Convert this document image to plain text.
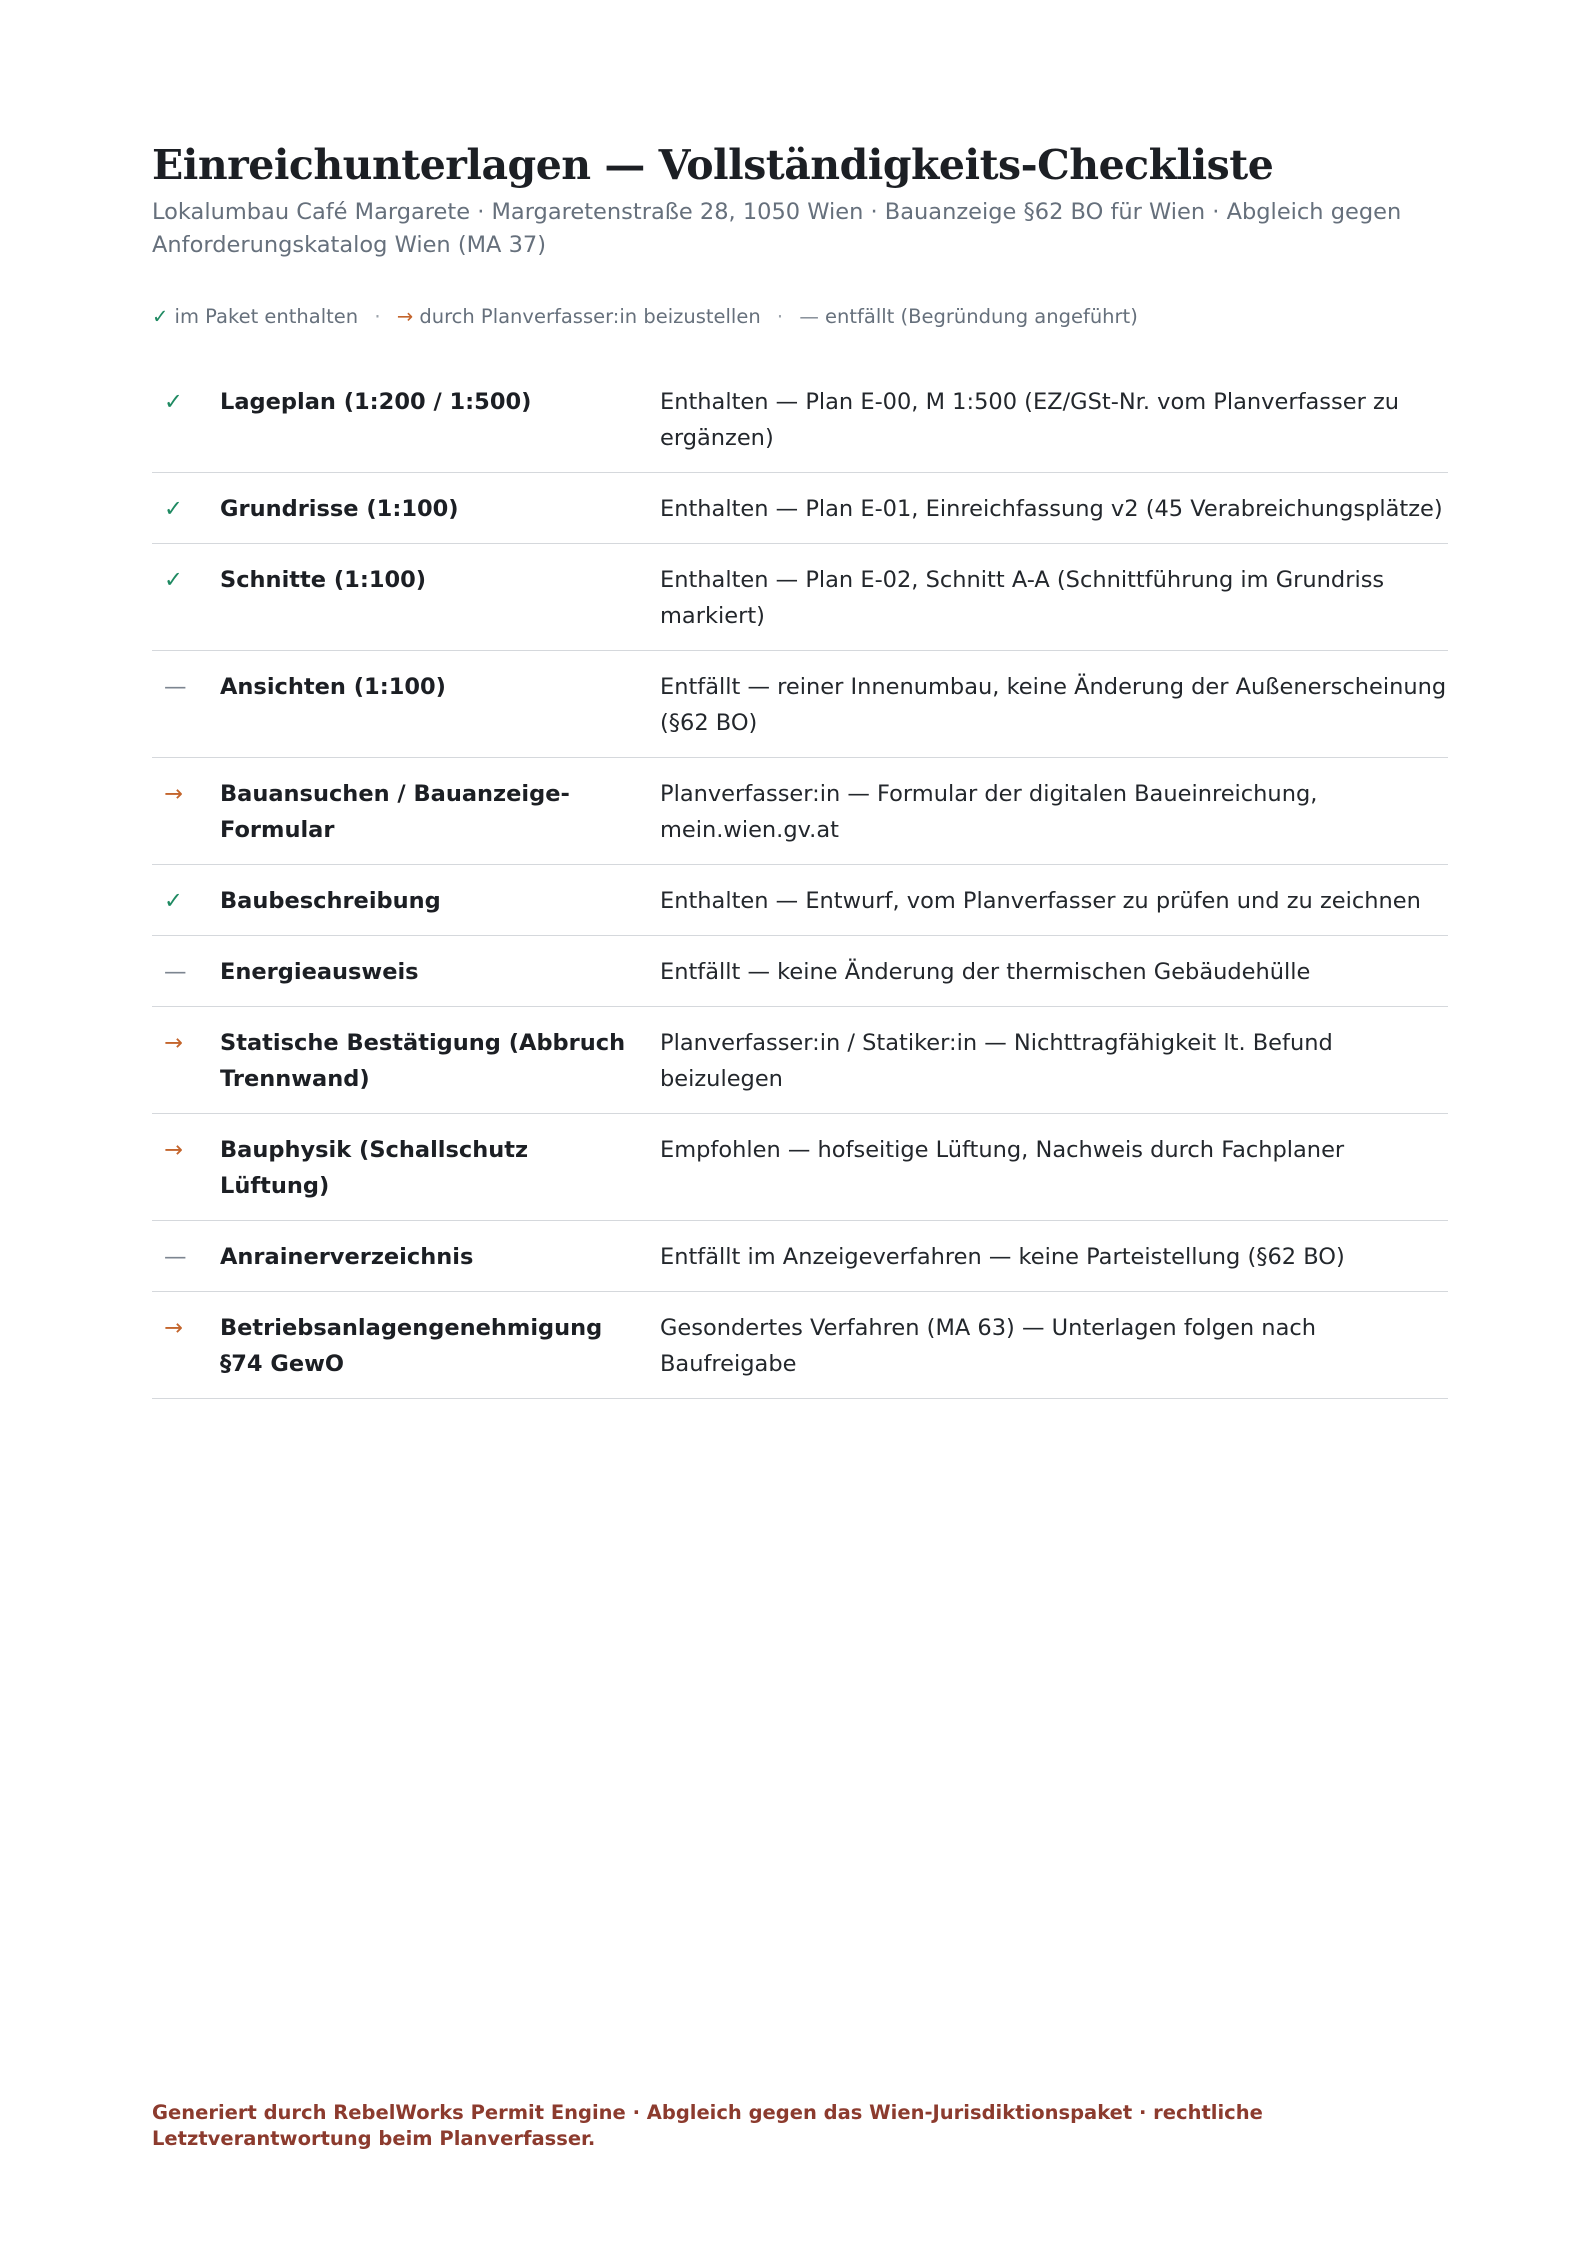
Einreichunterlagen — Vollständigkeits-Checkliste
Lokalumbau Café Margarete · Margaretenstraße 28, 1050 Wien · Bauanzeige §62 BO für Wien · Abgleich gegen Anforderungskatalog Wien (MA 37)
✓ im Paket enthalten · → durch Planverfasser:in beizustellen · — entfällt (Begründung angeführt)
✓	Lageplan (1:200 / 1:500)	Enthalten — Plan E-00, M 1:500 (EZ/GSt-Nr. vom Planverfasser zu ergänzen)
✓	Grundrisse (1:100)	Enthalten — Plan E-01, Einreichfassung v2 (45 Verabreichungsplätze)
✓	Schnitte (1:100)	Enthalten — Plan E-02, Schnitt A-A (Schnittführung im Grundriss markiert)
—	Ansichten (1:100)	Entfällt — reiner Innenumbau, keine Änderung der Außenerscheinung (§62 BO)
→	Bauansuchen / Bauanzeige-Formular	Planverfasser:in — Formular der digitalen Baueinreichung, mein.wien.gv.at
✓	Baubeschreibung	Enthalten — Entwurf, vom Planverfasser zu prüfen und zu zeichnen
—	Energieausweis	Entfällt — keine Änderung der thermischen Gebäudehülle
→	Statische Bestätigung (Abbruch Trennwand)	Planverfasser:in / Statiker:in — Nichttragfähigkeit lt. Befund beizulegen
→	Bauphysik (Schallschutz Lüftung)	Empfohlen — hofseitige Lüftung, Nachweis durch Fachplaner
—	Anrainerverzeichnis	Entfällt im Anzeigeverfahren — keine Parteistellung (§62 BO)
→	Betriebsanlagengenehmigung §74 GewO	Gesondertes Verfahren (MA 63) — Unterlagen folgen nach Baufreigabe
Generiert durch RebelWorks Permit Engine · Abgleich gegen das Wien-Jurisdiktionspaket · rechtliche Letztverantwortung beim Planverfasser.
